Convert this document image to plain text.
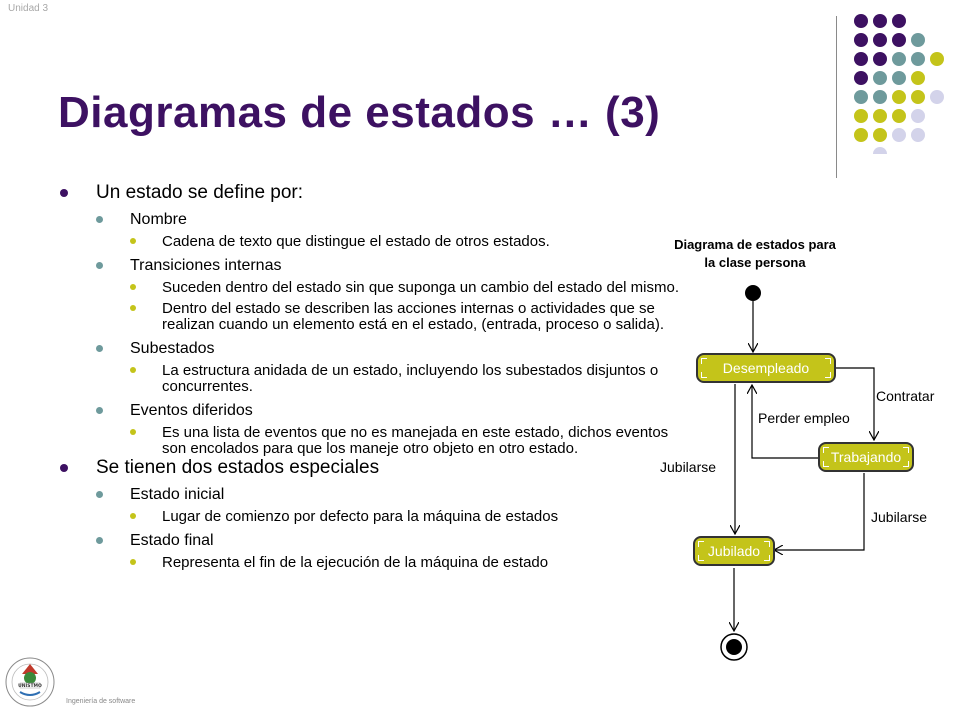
Unidad 3
Diagramas de estados … (3)
Un estado se define por:
Nombre
Cadena de texto que distingue el estado de otros estados.
Transiciones internas
Suceden dentro del estado sin que suponga un cambio del estado del mismo.
Dentro del estado se describen las acciones internas o actividades que se realizan cuando un elemento está en el estado, (entrada, proceso o salida).
Subestados
La estructura anidada de un estado, incluyendo los subestados disjuntos o concurrentes.
Eventos diferidos
Es una lista de eventos que no es manejada en este estado, dichos eventos son encolados para que los maneje otro objeto en otro estado.
Se tienen dos estados especiales
Estado inicial
Lugar de comienzo por defecto para la máquina de estados
Estado final
Representa el fin de la ejecución de la máquina de estado
Diagrama de estados para
la clase persona
Desempleado
Trabajando
Jubilado
Contratar
Perder empleo
Jubilarse
Jubilarse
UNISTMO
Ingeniería de software
